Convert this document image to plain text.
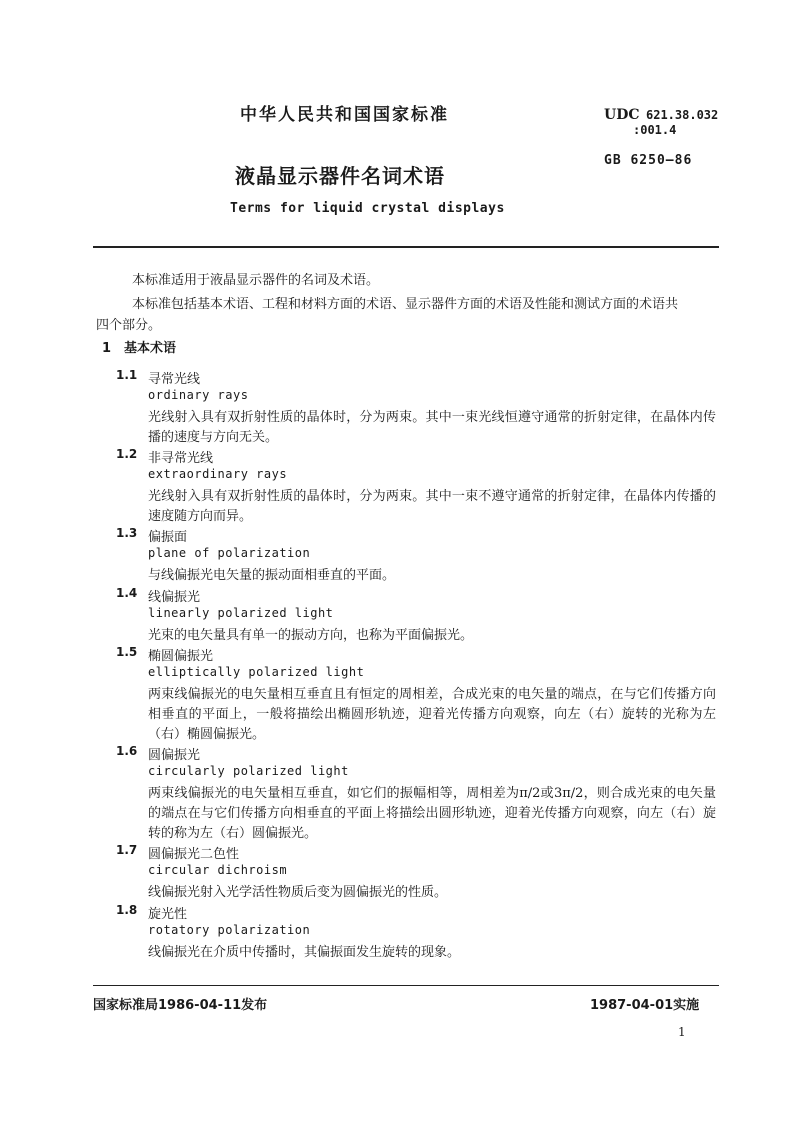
中华人民共和国国家标准	UDC 621.38.032
:001.4
GB 6250—86
液晶显示器件名词术语
Terms for liquid crystal displays
本标准适用于液晶显示器件的名词及术语。
本标准包括基本术语、工程和材料方面的术语、显示器件方面的术语及性能和测试方面的术语共
四个部分。
1 基本术语
1.1 寻常光线
ordinary rays
光线射入具有双折射性质的晶体时，分为两束。其中一束光线恒遵守通常的折射定律，在晶体内传播的速度与方向无关。
1.2 非寻常光线
extraordinary rays
光线射入具有双折射性质的晶体时，分为两束。其中一束不遵守通常的折射定律，在晶体内传播的速度随方向而异。
1.3 偏振面
plane of polarization
与线偏振光电矢量的振动面相垂直的平面。
1.4 线偏振光
linearly polarized light
光束的电矢量具有单一的振动方向，也称为平面偏振光。
1.5 椭圆偏振光
elliptically polarized light
两束线偏振光的电矢量相互垂直且有恒定的周相差，合成光束的电矢量的端点，在与它们传播方向相垂直的平面上，一般将描绘出椭圆形轨迹，迎着光传播方向观察，向左（右）旋转的光称为左（右）椭圆偏振光。
1.6 圆偏振光
circularly polarized light
两束线偏振光的电矢量相互垂直，如它们的振幅相等，周相差为π/2或3π/2，则合成光束的电矢量的端点在与它们传播方向相垂直的平面上将描绘出圆形轨迹，迎着光传播方向观察，向左（右）旋转的称为左（右）圆偏振光。
1.7 圆偏振光二色性
circular dichroism
线偏振光射入光学活性物质后变为圆偏振光的性质。
1.8 旋光性
rotatory polarization
线偏振光在介质中传播时，其偏振面发生旋转的现象。
国家标准局1986-04-11发布	1987-04-01实施
1
